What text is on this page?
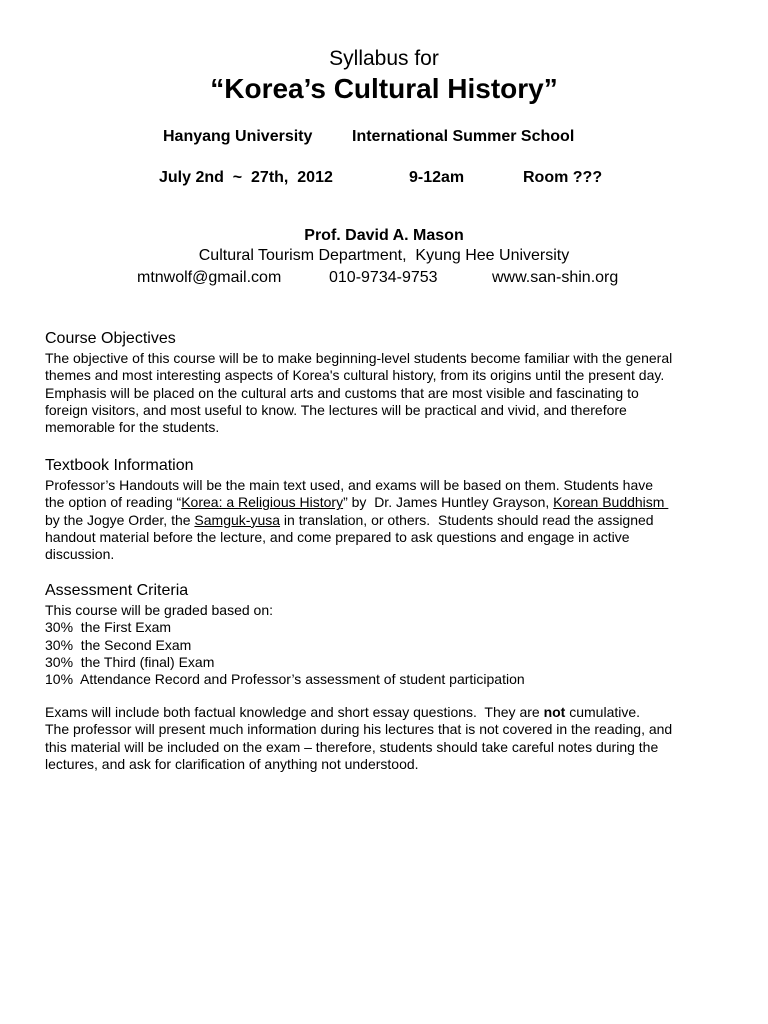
Syllabus for
“Korea’s Cultural History”
Hanyang University International Summer School
July 2nd  ~  27th,  2012	9-12am	Room ???
Prof. David A. Mason
Cultural Tourism Department,  Kyung Hee University
mtnwolf@gmail.com	010-9734-9753	www.san-shin.org
Course Objectives
The objective of this course will be to make beginning-level students become familiar with the general
themes and most interesting aspects of Korea's cultural history, from its origins until the present day.
Emphasis will be placed on the cultural arts and customs that are most visible and fascinating to
foreign visitors, and most useful to know. The lectures will be practical and vivid, and therefore
memorable for the students.
Textbook Information
Professor’s Handouts will be the main text used, and exams will be based on them. Students have
the option of reading “Korea: a Religious History” by  Dr. James Huntley Grayson, Korean Buddhism
by the Jogye Order, the Samguk-yusa in translation, or others.  Students should read the assigned
handout material before the lecture, and come prepared to ask questions and engage in active
discussion.
Assessment Criteria
This course will be graded based on:
30%  the First Exam
30%  the Second Exam
30%  the Third (final) Exam
10%  Attendance Record and Professor’s assessment of student participation
Exams will include both factual knowledge and short essay questions.  They are not cumulative.
The professor will present much information during his lectures that is not covered in the reading, and
this material will be included on the exam – therefore, students should take careful notes during the
lectures, and ask for clarification of anything not understood.
